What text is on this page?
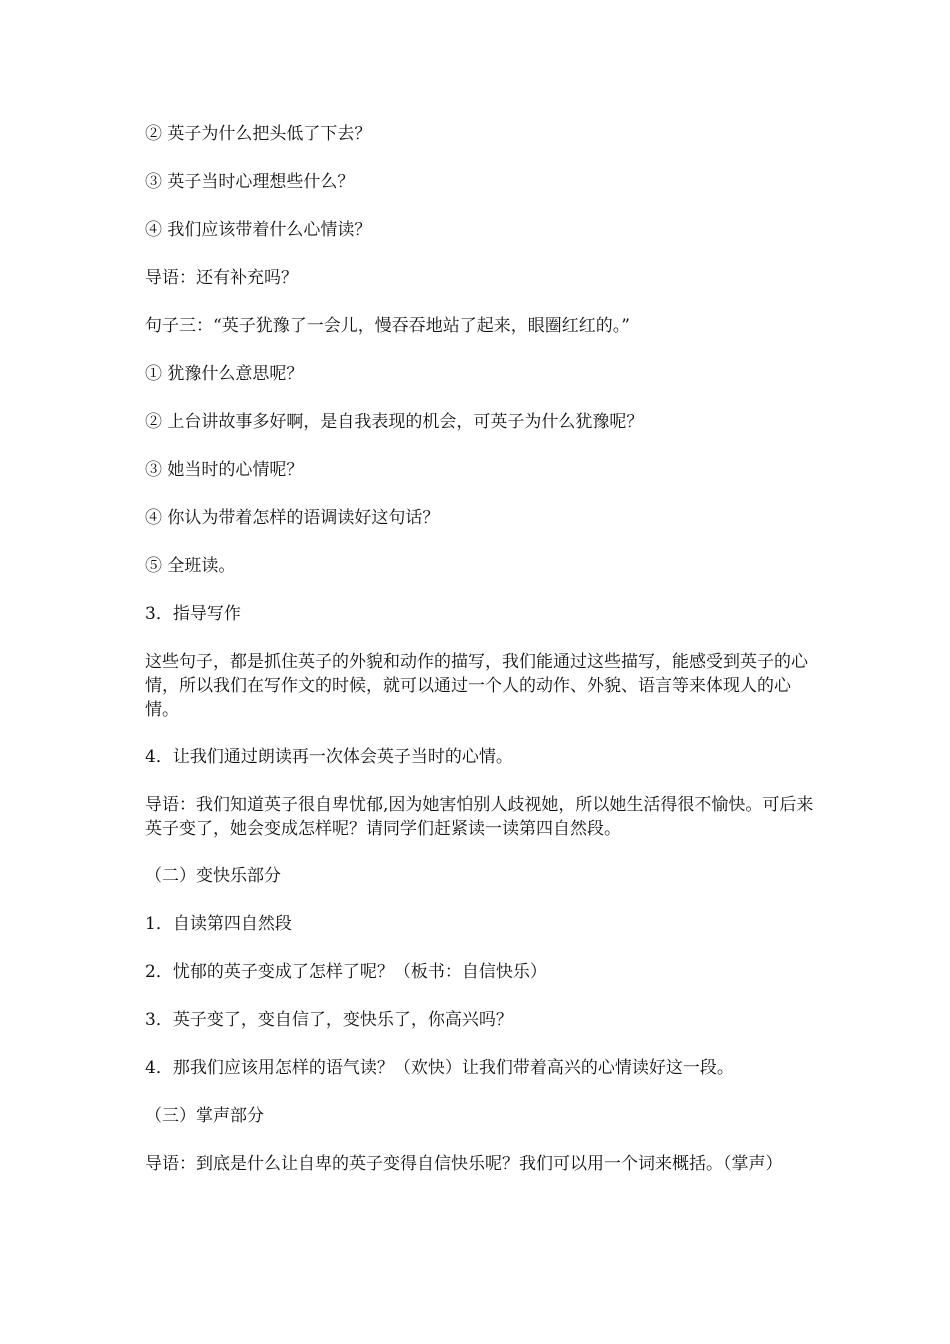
② 英子为什么把头低了下去？

③ 英子当时心理想些什么？

④ 我们应该带着什么心情读？

导语：还有补充吗？

句子三：“英子犹豫了一会儿，慢吞吞地站了起来，眼圈红红的。”

① 犹豫什么意思呢？

② 上台讲故事多好啊，是自我表现的机会，可英子为什么犹豫呢？

③ 她当时的心情呢？

④ 你认为带着怎样的语调读好这句话？

⑤ 全班读。

3．指导写作

这些句子，都是抓住英子的外貌和动作的描写，我们能通过这些描写，能感受到英子的心情，所以我们在写作文的时候，就可以通过一个人的动作、外貌、语言等来体现人的心情。

4．让我们通过朗读再一次体会英子当时的心情。

导语：我们知道英子很自卑忧郁,因为她害怕别人歧视她，所以她生活得很不愉快。可后来英子变了，她会变成怎样呢？请同学们赶紧读一读第四自然段。

（二）变快乐部分

1．自读第四自然段

2．忧郁的英子变成了怎样了呢？（板书：自信快乐）

3．英子变了，变自信了，变快乐了，你高兴吗？

4．那我们应该用怎样的语气读？（欢快）让我们带着高兴的心情读好这一段。

（三）掌声部分

导语：到底是什么让自卑的英子变得自信快乐呢？我们可以用一个词来概括。（掌声）
